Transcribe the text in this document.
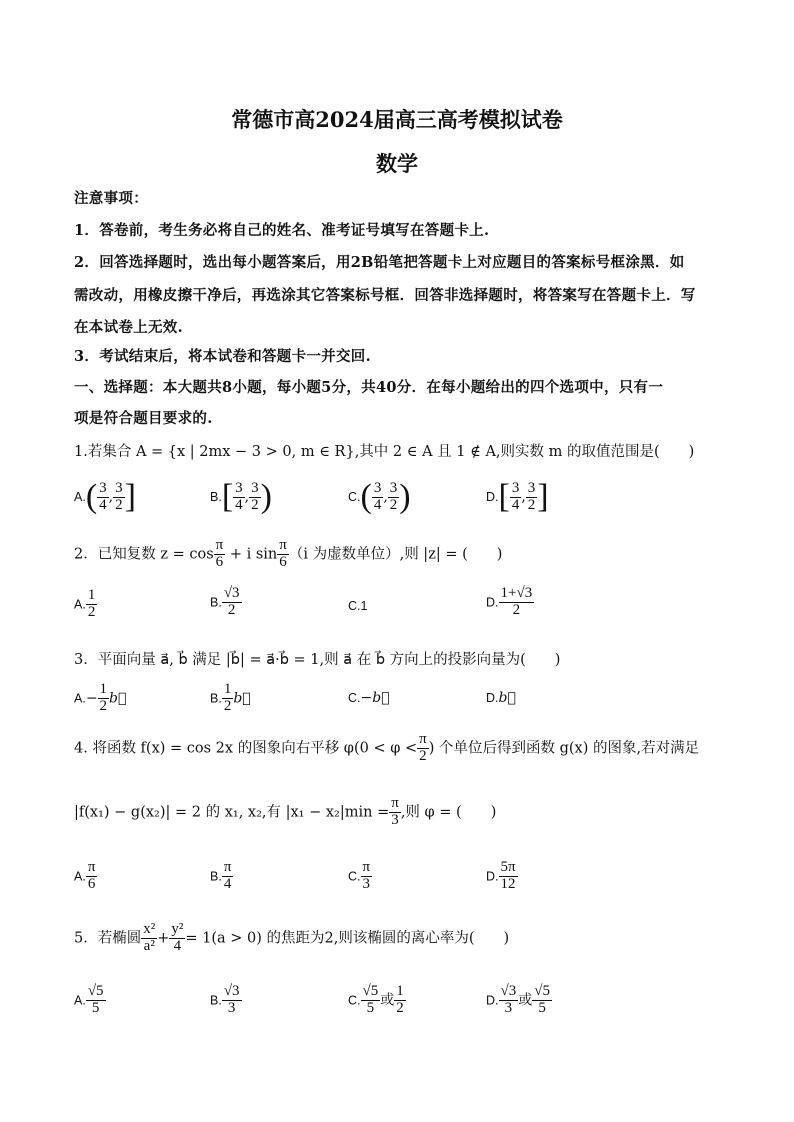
常德市高2024届高三高考模拟试卷
数学
注意事项：
1．答卷前，考生务必将自己的姓名、准考证号填写在答题卡上.
2．回答选择题时，选出每小题答案后，用2B铅笔把答题卡上对应题目的答案标号框涂黑．如
需改动，用橡皮擦干净后，再选涂其它答案标号框．回答非选择题时，将答案写在答题卡上．写
在本试卷上无效.
3．考试结束后，将本试卷和答题卡一并交回.
一、选择题：本大题共8小题，每小题5分，共40分．在每小题给出的四个选项中，只有一
项是符合题目要求的.
1.若集合 A = {x | 2mx − 3 > 0, m ∈ R},其中 2 ∈ A 且 1 ∉ A,则实数 m 的取值范围是(　　)
$A.( \frac{3}{4}$ , $\frac{3}{2}$ ]	$B.[ \frac{3}{4}$ , $\frac{3}{2}$ )	$C.( \frac{3}{4}$ , $\frac{3}{2}$ )	$D.[ \frac{3}{4}$ , $\frac{3}{2}$ ]
2．已知复数 $z = \cos \frac{\pi}{6} + i$ $\sin \frac{\pi}{6} (i$ 为虚数单位）,则 |z| = (　　)
A. $\frac{1}{2}$	B. $\frac{√3}{2}$	C.1	D. $\frac{1+√3}{2}$
3．平面向量 a⃗, b⃗ 满足 |b⃗| = a⃗·b⃗ = 1,则 a⃗ 在 b⃗ 方向上的投影向量为(　　)
$A.- \frac{1}{2}$ b⃗	B. $\frac{1}{2}$ b⃗	C.−b⃗	D.b⃗
4. 将函数 f(x) = cos 2x 的图象向右平移 $\varphi(0 < \varphi < \frac{\pi}{2}$ ) 个单位后得到函数 g(x) 的图象,若对满足
|f(x₁) − g(x₂)| = 2 的 x₁, x₂,有 $|x_1 - x_2|\min = \frac{\pi}{3}$ ,则 φ = (　　)
A. $\frac{\pi}{6}$	B. $\frac{\pi}{4}$	C. $\frac{\pi}{3}$	D. $\frac{5\pi}{12}$
5．若椭圆 $\frac{\text{x²}}{\text{a²}} + \frac{\text{y²}}{4} = 1(a > 0)$ 的焦距为2,则该椭圆的离心率为(　　)
A. $\frac{√5}{5}$	B. $\frac{√3}{3}$	C. $\frac{√5}{5}$ 或 $\frac{1}{2}$	D. $\frac{√3}{3}$ 或 $\frac{√5}{5}$
